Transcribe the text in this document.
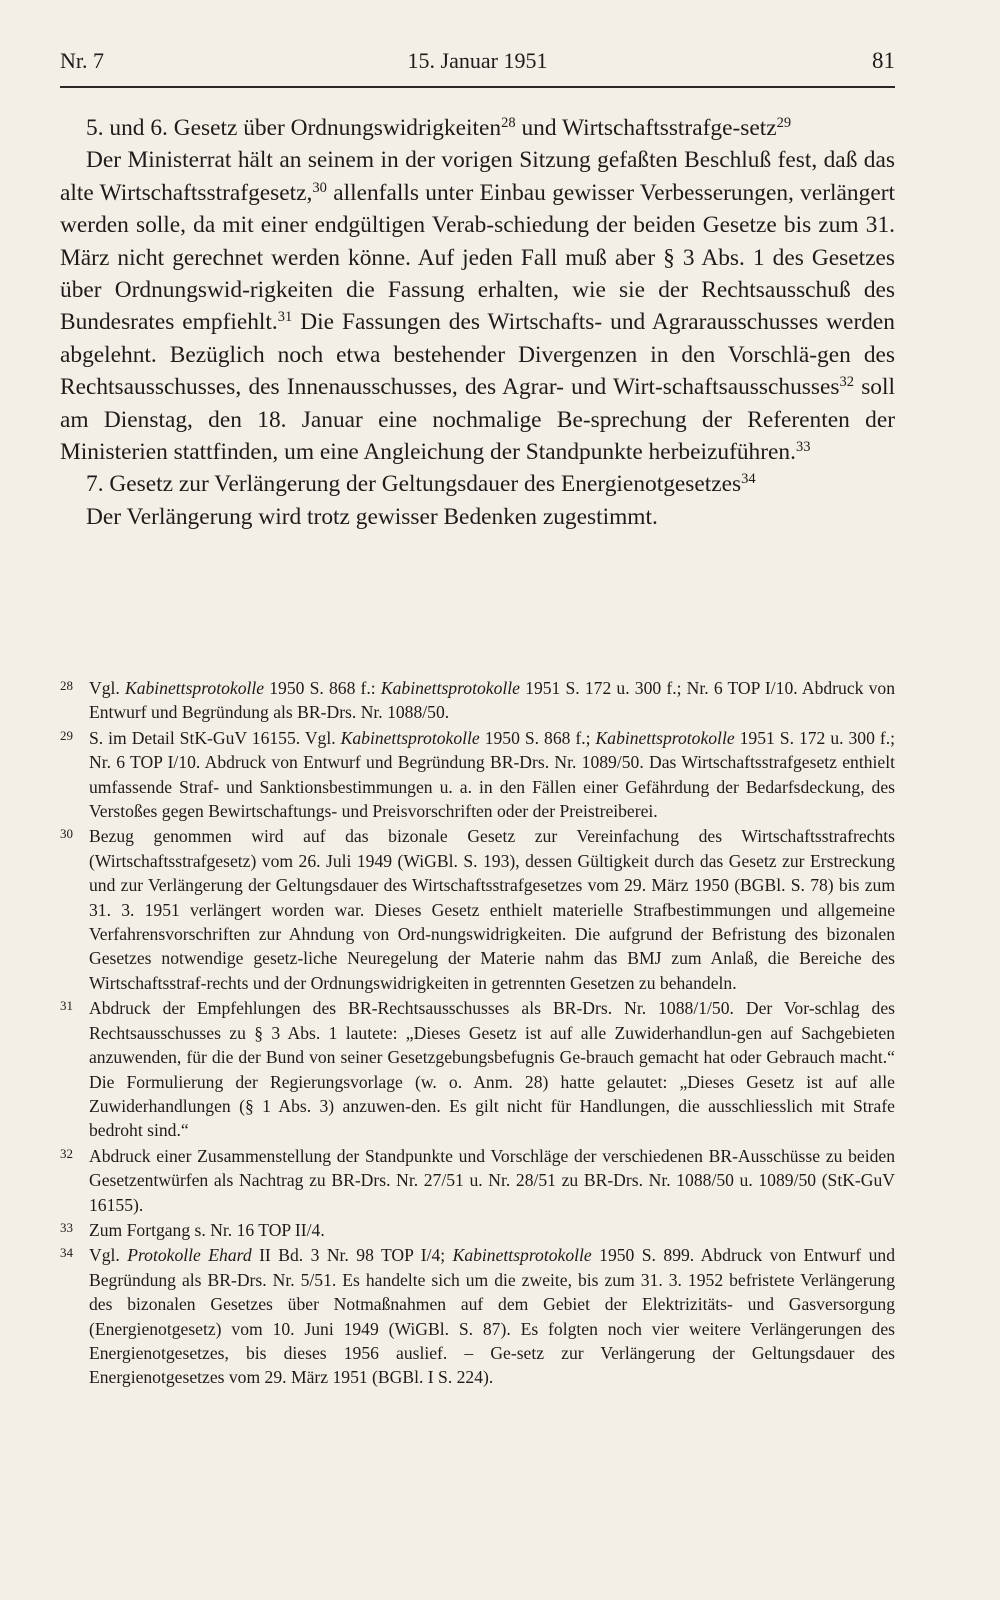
Nr. 7	15. Januar 1951	81

5. und 6. Gesetz über Ordnungswidrigkeiten$^{28}$ und Wirtschaftsstrafge-setz$^{29}$

Der Ministerrat hält an seinem in der vorigen Sitzung gefaßten Beschluß fest, daß das alte Wirtschaftsstrafgesetz,$^{30}$ allenfalls unter Einbau gewisser Verbesserungen, verlängert werden solle, da mit einer endgültigen Verab-schiedung der beiden Gesetze bis zum 31. März nicht gerechnet werden könne. Auf jeden Fall muß aber § 3 Abs. 1 des Gesetzes über Ordnungswid-rigkeiten die Fassung erhalten, wie sie der Rechtsausschuß des Bundesrates empfiehlt.$^{31}$ Die Fassungen des Wirtschafts- und Agrarausschusses werden abgelehnt. Bezüglich noch etwa bestehender Divergenzen in den Vorschlä-gen des Rechtsausschusses, des Innenausschusses, des Agrar- und Wirt-schaftsausschusses$^{32}$ soll am Dienstag, den 18. Januar eine nochmalige Be-sprechung der Referenten der Ministerien stattfinden, um eine Angleichung der Standpunkte herbeizuführen.$^{33}$

7. Gesetz zur Verlängerung der Geltungsdauer des Energienotgesetzes$^{34}$

Der Verlängerung wird trotz gewisser Bedenken zugestimmt.

28 Vgl. Kabinettsprotokolle 1950 S. 868 f.: Kabinettsprotokolle 1951 S. 172 u. 300 f.; Nr. 6 TOP I/10. Abdruck von Entwurf und Begründung als BR-Drs. Nr. 1088/50.
29 S. im Detail StK-GuV 16155. Vgl. Kabinettsprotokolle 1950 S. 868 f.; Kabinettsprotokolle 1951 S. 172 u. 300 f.; Nr. 6 TOP I/10. Abdruck von Entwurf und Begründung BR-Drs. Nr. 1089/50. Das Wirtschaftsstrafgesetz enthielt umfassende Straf- und Sanktionsbestimmungen u. a. in den Fällen einer Gefährdung der Bedarfsdeckung, des Verstoßes gegen Bewirtschaftungs- und Preisvorschriften oder der Preistreiberei.
30 Bezug genommen wird auf das bizonale Gesetz zur Vereinfachung des Wirtschaftsstrafrechts (Wirtschaftsstrafgesetz) vom 26. Juli 1949 (WiGBl. S. 193), dessen Gültigkeit durch das Gesetz zur Erstreckung und zur Verlängerung der Geltungsdauer des Wirtschaftsstrafgesetzes vom 29. März 1950 (BGBl. S. 78) bis zum 31. 3. 1951 verlängert worden war. Dieses Gesetz enthielt materielle Strafbestimmungen und allgemeine Verfahrensvorschriften zur Ahndung von Ord-nungswidrigkeiten. Die aufgrund der Befristung des bizonalen Gesetzes notwendige gesetz-liche Neuregelung der Materie nahm das BMJ zum Anlaß, die Bereiche des Wirtschaftsstraf-rechts und der Ordnungswidrigkeiten in getrennten Gesetzen zu behandeln.
31 Abdruck der Empfehlungen des BR-Rechtsausschusses als BR-Drs. Nr. 1088/1/50. Der Vor-schlag des Rechtsausschusses zu § 3 Abs. 1 lautete: „Dieses Gesetz ist auf alle Zuwiderhandlun-gen auf Sachgebieten anzuwenden, für die der Bund von seiner Gesetzgebungsbefugnis Ge-brauch gemacht hat oder Gebrauch macht.“ Die Formulierung der Regierungsvorlage (w. o. Anm. 28) hatte gelautet: „Dieses Gesetz ist auf alle Zuwiderhandlungen (§ 1 Abs. 3) anzuwen-den. Es gilt nicht für Handlungen, die ausschliesslich mit Strafe bedroht sind.“
32 Abdruck einer Zusammenstellung der Standpunkte und Vorschläge der verschiedenen BR-Ausschüsse zu beiden Gesetzentwürfen als Nachtrag zu BR-Drs. Nr. 27/51 u. Nr. 28/51 zu BR-Drs. Nr. 1088/50 u. 1089/50 (StK-GuV 16155).
33 Zum Fortgang s. Nr. 16 TOP II/4.
34 Vgl. Protokolle Ehard II Bd. 3 Nr. 98 TOP I/4; Kabinettsprotokolle 1950 S. 899. Abdruck von Entwurf und Begründung als BR-Drs. Nr. 5/51. Es handelte sich um die zweite, bis zum 31. 3. 1952 befristete Verlängerung des bizonalen Gesetzes über Notmaßnahmen auf dem Gebiet der Elektrizitäts- und Gasversorgung (Energienotgesetz) vom 10. Juni 1949 (WiGBl. S. 87). Es folgten noch vier weitere Verlängerungen des Energienotgesetzes, bis dieses 1956 auslief. – Ge-setz zur Verlängerung der Geltungsdauer des Energienotgesetzes vom 29. März 1951 (BGBl. I S. 224).
